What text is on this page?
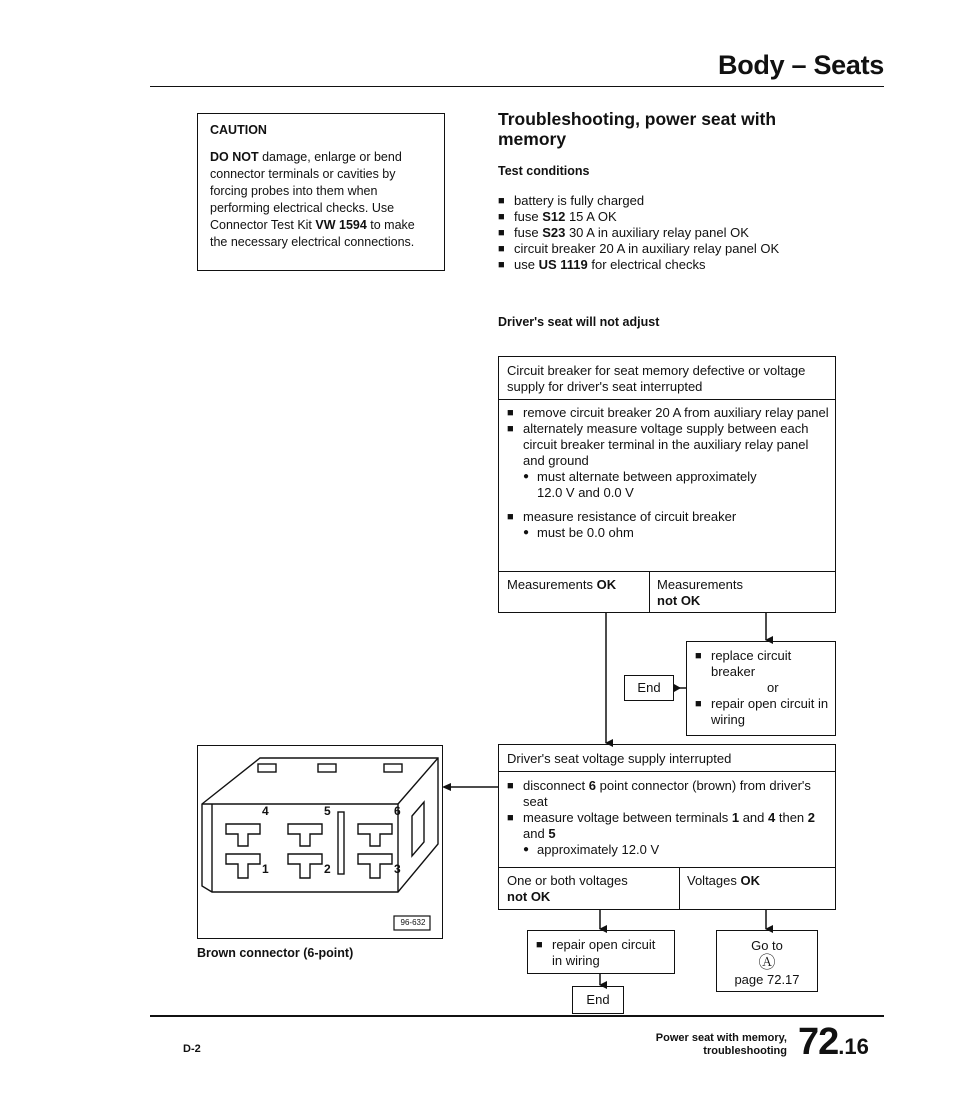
Body – Seats
CAUTION
DO NOT damage, enlarge or bend connector terminals or cavities by forcing probes into them when performing electrical checks. Use Connector Test Kit VW 1594 to make the necessary electrical connections.
Troubleshooting, power seat with memory
Test conditions
■ battery is fully charged
■ fuse S12 15 A OK
■ fuse S23 30 A in auxiliary relay panel OK
■ circuit breaker 20 A in auxiliary relay panel OK
■ use US 1119 for electrical checks
Driver's seat will not adjust
Circuit breaker for seat memory defective or voltage supply for driver's seat interrupted
■ remove circuit breaker 20 A from auxiliary relay panel
■ alternately measure voltage supply between each circuit breaker terminal in the auxiliary relay panel and ground
● must alternate between approximately 12.0 V and 0.0 V
■ measure resistance of circuit breaker
● must be 0.0 ohm
Measurements OK	Measurements
not OK
■ replace circuit breaker
or
■ repair open circuit in wiring
End
Driver's seat voltage supply interrupted
■ disconnect 6 point connector (brown) from driver's seat
■ measure voltage between terminals 1 and 4 then 2 and 5
● approximately 12.0 V
One or both voltages
not OK
Voltages OK
■ repair open circuit in wiring
End
Go to
Ⓐ
page 72.17
4	5	6
1	2	3
96-632
Brown connector (6-point)
D-2
Power seat with memory,
troubleshooting 72.16
